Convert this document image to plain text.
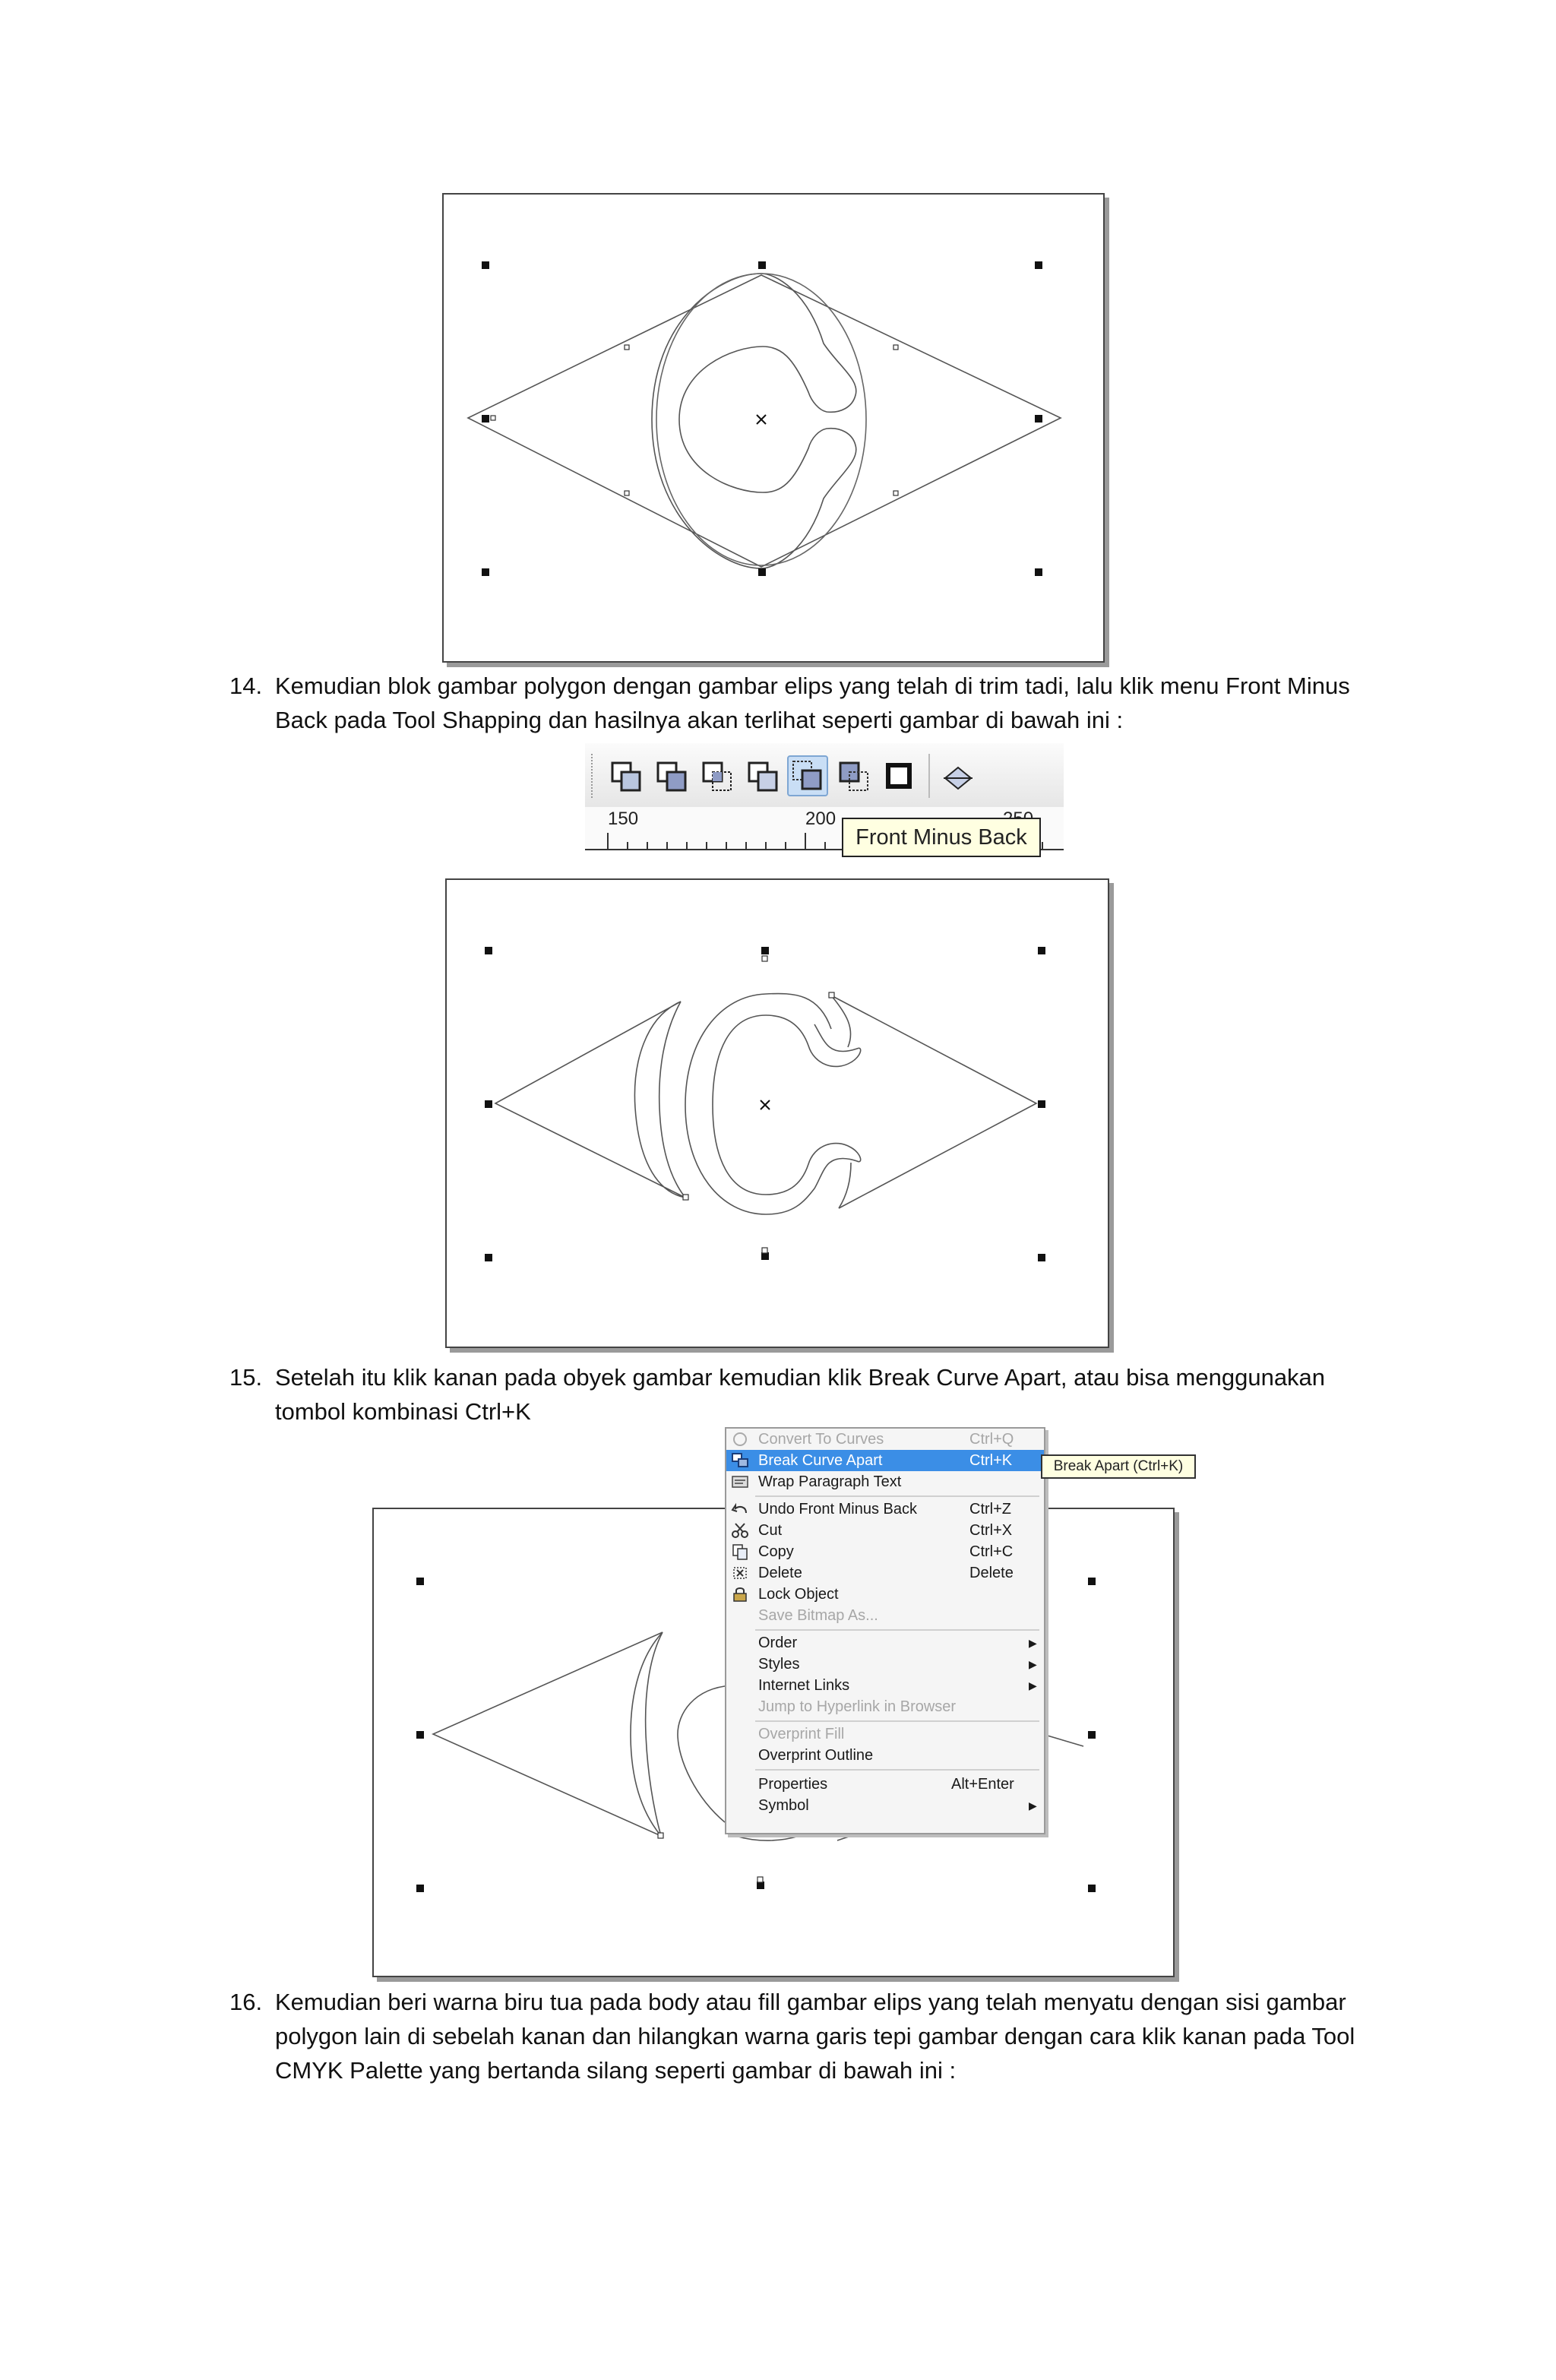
14. Kemudian blok gambar polygon dengan gambar elips yang telah di trim tadi, lalu klik menu Front Minus Back pada Tool Shapping dan hasilnya akan terlihat seperti gambar di bawah ini :
150	200
Front Minus Back
15. Setelah itu klik kanan pada obyek gambar kemudian klik Break Curve Apart, atau bisa menggunakan tombol kombinasi Ctrl+K
Convert To Curves	Ctrl+Q
Break Curve Apart	Ctrl+K
Wrap Paragraph Text
Undo Front Minus Back	Ctrl+Z
Cut	Ctrl+X
Copy	Ctrl+C
Delete	Delete
Lock Object
Save Bitmap As...
Order	▶
Styles	▶
Internet Links	▶
Jump to Hyperlink in Browser
Overprint Fill
Overprint Outline
Properties	Alt+Enter
Symbol	▶
Break Apart (Ctrl+K)
16. Kemudian beri warna biru tua pada body atau fill gambar elips yang telah menyatu dengan sisi gambar polygon lain di sebelah kanan dan hilangkan warna garis tepi gambar dengan cara klik kanan pada Tool CMYK Palette yang bertanda silang seperti gambar di bawah ini :
